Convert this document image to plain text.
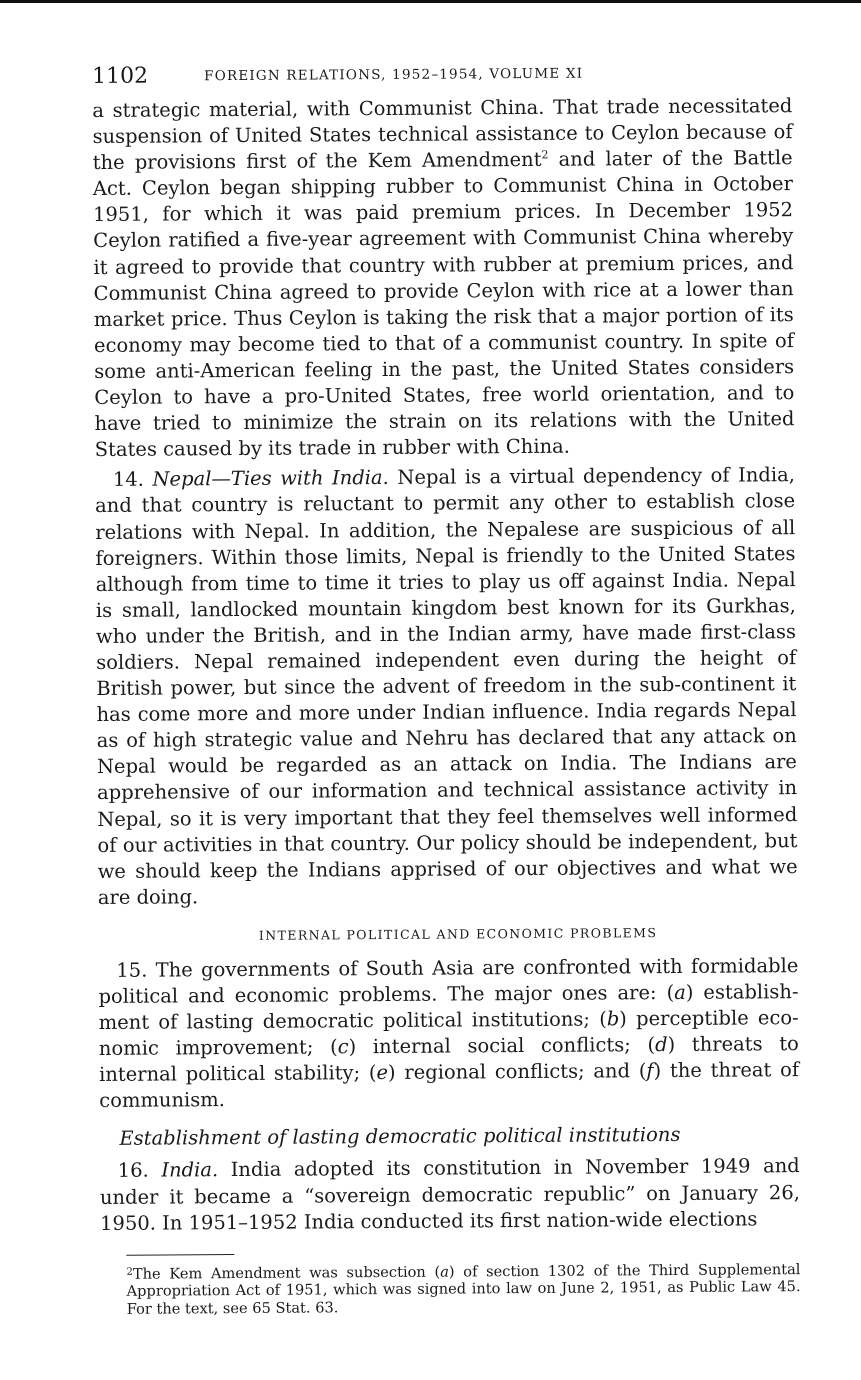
1102	FOREIGN RELATIONS, 1952–1954, VOLUME XI

a strategic material, with Communist China. That trade necessitated suspension of United States technical assistance to Ceylon because of the provisions first of the Kem Amendment$^2$ and later of the Battle Act. Ceylon began shipping rubber to Communist China in October 1951, for which it was paid premium prices. In December 1952 Ceylon ratified a five-year agreement with Communist China whereby it agreed to provide that country with rubber at premium prices, and Communist China agreed to provide Ceylon with rice at a lower than market price. Thus Ceylon is taking the risk that a major portion of its economy may become tied to that of a communist country. In spite of some anti-American feeling in the past, the United States considers Ceylon to have a pro-United States, free world orientation, and to have tried to minimize the strain on its relations with the United States caused by its trade in rubber with China.

14. Nepal—Ties with India. Nepal is a virtual dependency of India, and that country is reluctant to permit any other to establish close relations with Nepal. In addition, the Nepalese are suspicious of all foreigners. Within those limits, Nepal is friendly to the United States although from time to time it tries to play us off against India. Nepal is small, landlocked mountain kingdom best known for its Gurkhas, who under the British, and in the Indian army, have made first-class soldiers. Nepal remained independent even during the height of British power, but since the advent of freedom in the sub-continent it has come more and more under Indian influence. India regards Nepal as of high strategic value and Nehru has declared that any attack on Nepal would be regarded as an attack on India. The Indians are apprehensive of our information and technical assistance activity in Nepal, so it is very important that they feel themselves well informed of our activities in that country. Our policy should be independent, but we should keep the Indians apprised of our objectives and what we are doing.

INTERNAL POLITICAL AND ECONOMIC PROBLEMS

15. The governments of South Asia are confronted with formidable political and economic problems. The major ones are: (a) establishment of lasting democratic political institutions; (b) perceptible economic improvement; (c) internal social conflicts; (d) threats to internal political stability; (e) regional conflicts; and (f) the threat of communism.

Establishment of lasting democratic political institutions

16. India. India adopted its constitution in November 1949 and under it became a “sovereign democratic republic” on January 26, 1950. In 1951–1952 India conducted its first nation-wide elections

$^2$The Kem Amendment was subsection (a) of section 1302 of the Third Supplemental Appropriation Act of 1951, which was signed into law on June 2, 1951, as Public Law 45. For the text, see 65 Stat. 63.
